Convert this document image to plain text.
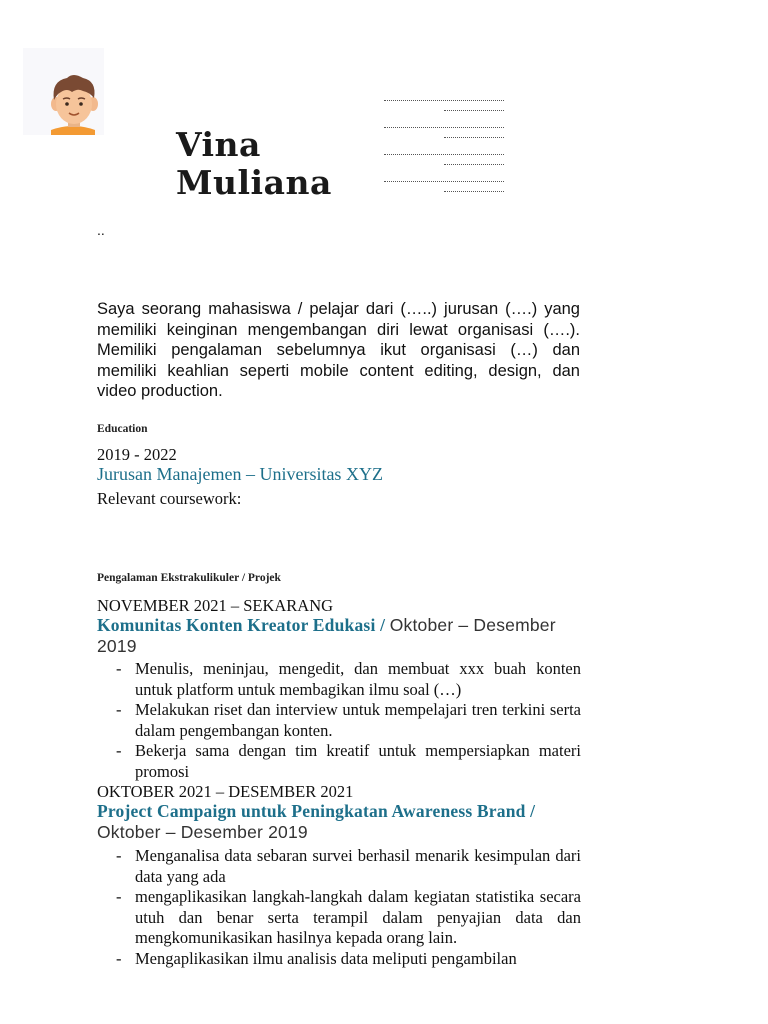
Vina Muliana
..
Saya seorang mahasiswa / pelajar dari (…..) jurusan (….) yang memiliki keinginan mengembangan diri lewat organisasi (….). Memiliki pengalaman sebelumnya ikut organisasi (…) dan memiliki keahlian seperti mobile content editing, design, dan video production.
Education
2019 - 2022
Jurusan Manajemen – Universitas XYZ
Relevant coursework:
Pengalaman Ekstrakulikuler / Projek
NOVEMBER 2021 – SEKARANG
Komunitas Konten Kreator Edukasi / Oktober – Desember 2019
- Menulis, meninjau, mengedit, dan membuat xxx buah konten untuk platform untuk membagikan ilmu soal (…)
- Melakukan riset dan interview untuk mempelajari tren terkini serta dalam pengembangan konten.
- Bekerja sama dengan tim kreatif untuk mempersiapkan materi promosi
OKTOBER 2021 – DESEMBER 2021
Project Campaign untuk Peningkatan Awareness Brand / Oktober – Desember 2019
- Menganalisa data sebaran survei berhasil menarik kesimpulan dari data yang ada
- mengaplikasikan langkah-langkah dalam kegiatan statistika secara utuh dan benar serta terampil dalam penyajian data dan mengkomunikasikan hasilnya kepada orang lain.
- Mengaplikasikan ilmu analisis data meliputi pengambilan
